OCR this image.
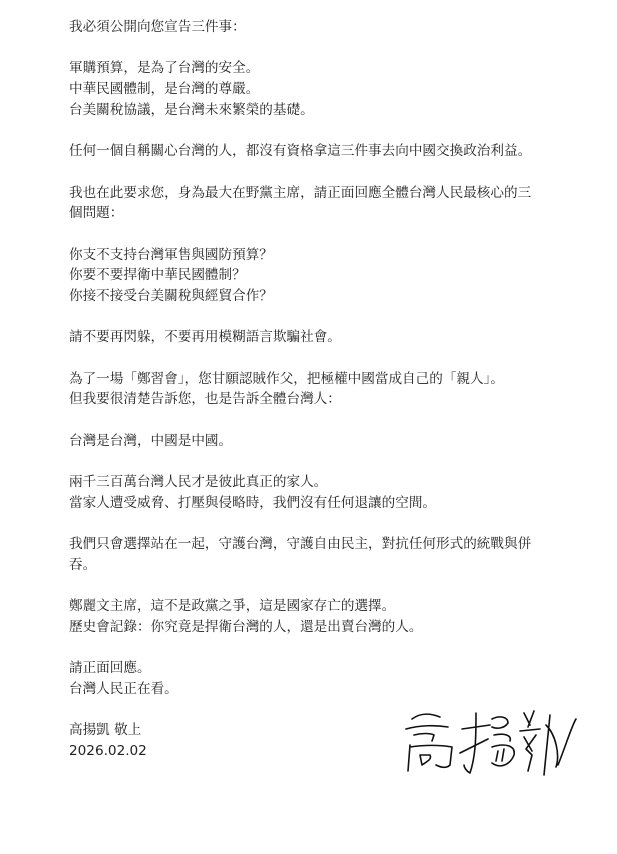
我必須公開向您宣告三件事：
軍購預算，是為了台灣的安全。
中華民國體制，是台灣的尊嚴。
台美關稅協議，是台灣未來繁榮的基礎。
任何一個自稱關心台灣的人，都沒有資格拿這三件事去向中國交換政治利益。
我也在此要求您，身為最大在野黨主席，請正面回應全體台灣人民最核心的三
個問題：
你支不支持台灣軍售與國防預算？
你要不要捍衛中華民國體制？
你接不接受台美關稅與經貿合作？
請不要再閃躲，不要再用模糊語言欺騙社會。
為了一場「鄭習會」，您甘願認賊作父，把極權中國當成自己的「親人」。
但我要很清楚告訴您，也是告訴全體台灣人：
台灣是台灣，中國是中國。
兩千三百萬台灣人民才是彼此真正的家人。
當家人遭受威脅、打壓與侵略時，我們沒有任何退讓的空間。
我們只會選擇站在一起，守護台灣，守護自由民主，對抗任何形式的統戰與併
吞。
鄭麗文主席，這不是政黨之爭，這是國家存亡的選擇。
歷史會記錄：你究竟是捍衛台灣的人，還是出賣台灣的人。
請正面回應。
台灣人民正在看。
高揚凱 敬上
2026.02.02
